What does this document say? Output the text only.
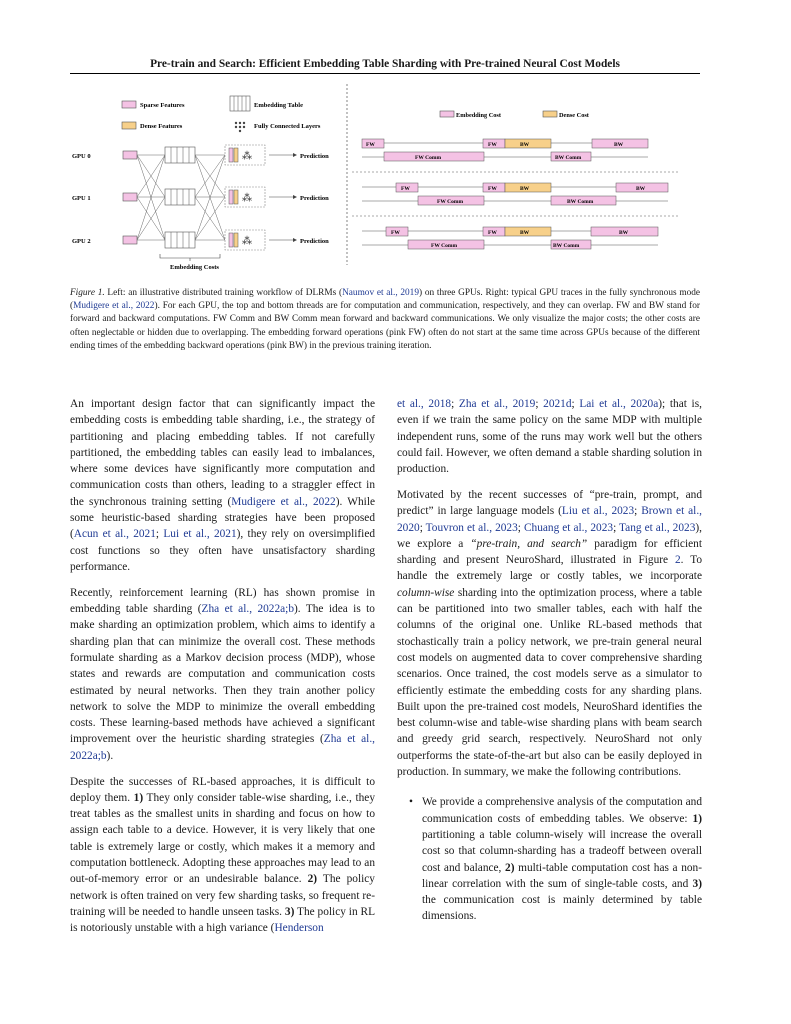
Pre-train and Search: Efficient Embedding Table Sharding with Pre-trained Neural Cost Models
Sparse Features
Dense Features
Embedding Table
Fully Connected Layers
GPU 0	⁂	Prediction
GPU 1	⁂	Prediction
GPU 2	⁂	Prediction
Embedding Costs
Embedding Cost	Dense Cost
FW	FW	BW	BW
FW Comm	BW Comm
FW	FW	BW	BW
FW Comm	BW Comm
FW	FW	BW	BW
FW Comm	BW Comm
Figure 1. Left: an illustrative distributed training workflow of DLRMs (Naumov et al., 2019) on three GPUs. Right: typical GPU traces in the fully synchronous mode (Mudigere et al., 2022). For each GPU, the top and bottom threads are for computation and communication, respectively, and they can overlap. FW and BW stand for forward and backward computations. FW Comm and BW Comm mean forward and backward communications. We only visualize the major costs; the other costs are often neglectable or hidden due to overlapping. The embedding forward operations (pink FW) often do not start at the same time across GPUs because of the different ending times of the embedding backward operations (pink BW) in the previous training iteration.

An important design factor that can significantly impact the embedding costs is embedding table sharding, i.e., the strategy of partitioning and placing embedding tables. If not carefully partitioned, the embedding tables can easily lead to imbalances, where some devices have significantly more computation and communication costs than others, leading to a straggler effect in the synchronous training setting (Mudigere et al., 2022). While some heuristic-based sharding strategies have been proposed (Acun et al., 2021; Lui et al., 2021), they rely on oversimplified cost functions so they often have unsatisfactory sharding performance.

Recently, reinforcement learning (RL) has shown promise in embedding table sharding (Zha et al., 2022a;b). The idea is to make sharding an optimization problem, which aims to identify a sharding plan that can minimize the overall cost. These methods formulate sharding as a Markov decision process (MDP), whose states and rewards are computation and communication costs estimated by neural networks. Then they train another policy network to solve the MDP to minimize the overall embedding costs. These learning-based methods have achieved a significant improvement over the heuristic sharding strategies (Zha et al., 2022a;b).

Despite the successes of RL-based approaches, it is difficult to deploy them. 1) They only consider table-wise sharding, i.e., they treat tables as the smallest units in sharding and focus on how to assign each table to a device. However, it is very likely that one table is extremely large or costly, which makes it a memory and computation bottleneck. Adopting these approaches may lead to an out-of-memory error or an undesirable balance. 2) The policy network is often trained on very few sharding tasks, so frequent re-training will be needed to handle unseen tasks. 3) The policy in RL is notoriously unstable with a high variance (Henderson

et al., 2018; Zha et al., 2019; 2021d; Lai et al., 2020a); that is, even if we train the same policy on the same MDP with multiple independent runs, some of the runs may work well but the others could fail. However, we often demand a stable sharding solution in production.

Motivated by the recent successes of “pre-train, prompt, and predict” in large language models (Liu et al., 2023; Brown et al., 2020; Touvron et al., 2023; Chuang et al., 2023; Tang et al., 2023), we explore a “pre-train, and search” paradigm for efficient sharding and present NeuroShard, illustrated in Figure 2. To handle the extremely large or costly tables, we incorporate column-wise sharding into the optimization process, where a table can be partitioned into two smaller tables, each with half the columns of the original one. Unlike RL-based methods that stochastically train a policy network, we pre-train general neural cost models on augmented data to cover comprehensive sharding scenarios. Once trained, the cost models serve as a simulator to efficiently estimate the embedding costs for any sharding plans. Built upon the pre-trained cost models, NeuroShard identifies the best column-wise and table-wise sharding plans with beam search and greedy grid search, respectively. NeuroShard not only outperforms the state-of-the-art but also can be easily deployed in production. In summary, we make the following contributions.

• We provide a comprehensive analysis of the computation and communication costs of embedding tables. We observe: 1) partitioning a table column-wisely will increase the overall cost so that column-sharding has a tradeoff between overall cost and balance, 2) multi-table computation cost has a non-linear correlation with the sum of single-table costs, and 3) the communication cost is mainly determined by table dimensions.
